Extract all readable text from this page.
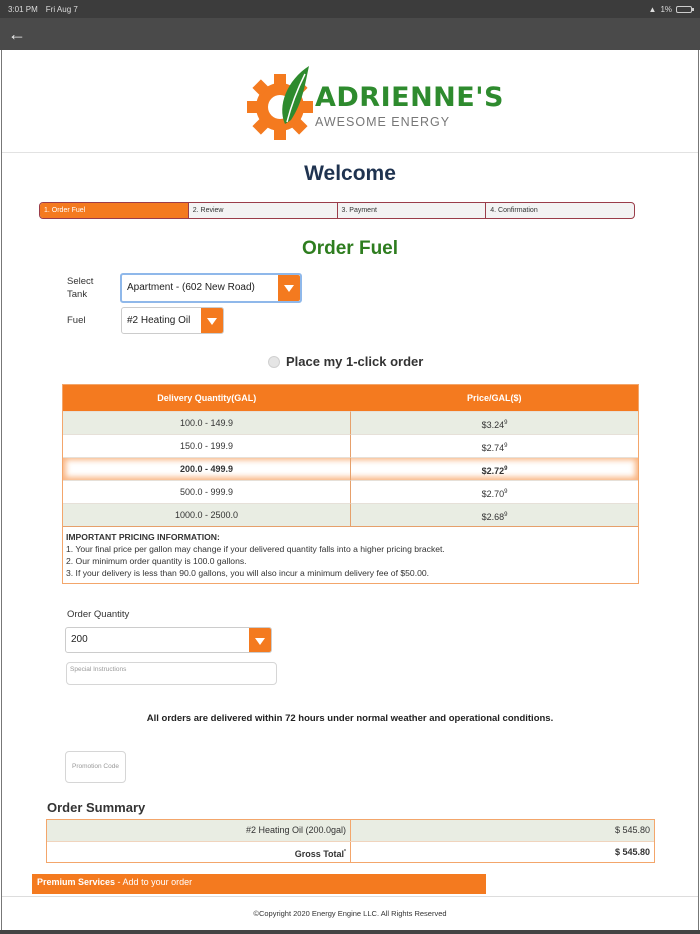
3:01 PM Fri Aug 7	▲ 1%
←
ADRIENNE'S
AWESOME ENERGY
Welcome
1. Order Fuel	2. Review	3. Payment	4. Confirmation
Order Fuel
Select
Tank
Apartment - (602 New Road)
Fuel	#2 Heating Oil
Place my 1-click order
Delivery Quantity(GAL)	Price/GAL($)
100.0 - 149.9	$3.24$^9$
150.0 - 199.9	$2.74$^9$
200.0 - 499.9	$2.72$^9$
500.0 - 999.9	$2.70$^9$
1000.0 - 2500.0	$2.68$^9$
IMPORTANT PRICING INFORMATION:
1. Your final price per gallon may change if your delivered quantity falls into a higher pricing bracket.
2. Our minimum order quantity is 100.0 gallons.
3. If your delivery is less than 90.0 gallons, you will also incur a minimum delivery fee of $50.00.
Order Quantity
200
Special Instructions
All orders are delivered within 72 hours under normal weather and operational conditions.
Promotion Code
Order Summary
#2 Heating Oil (200.0gal)	$ 545.80
Gross Total*	$ 545.80
Premium Services - Add to your order
©Copyright 2020 Energy Engine LLC. All Rights Reserved
